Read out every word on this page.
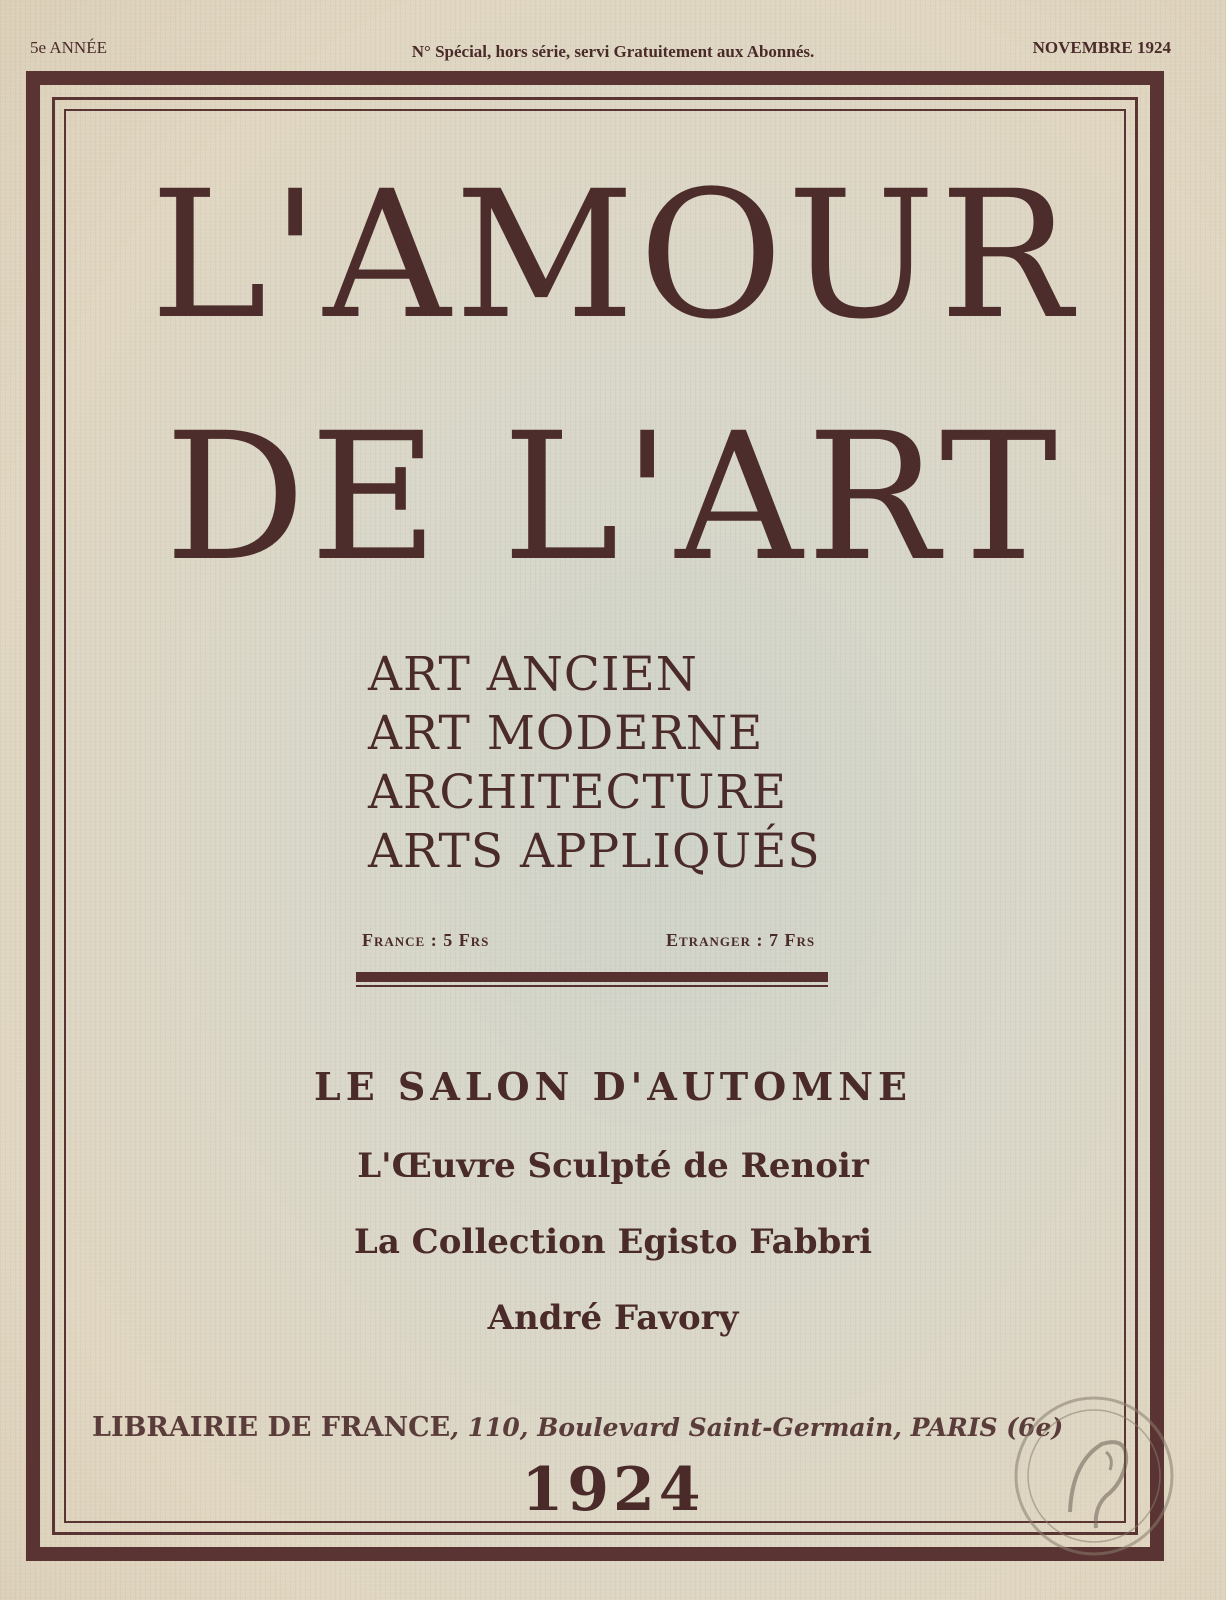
5e ANNÉE	N° Spécial, hors série, servi Gratuitement aux Abonnés.	NOVEMBRE 1924
L'AMOUR
DE L'ART
ART ANCIEN
ART MODERNE
ARCHITECTURE
ARTS APPLIQUÉS
France : 5 Frs	Etranger : 7 Frs
LE SALON D'AUTOMNE
L'Œuvre Sculpté de Renoir
La Collection Egisto Fabbri
André Favory
LIBRAIRIE DE FRANCE, 110, Boulevard Saint-Germain, PARIS (6e)
1924
